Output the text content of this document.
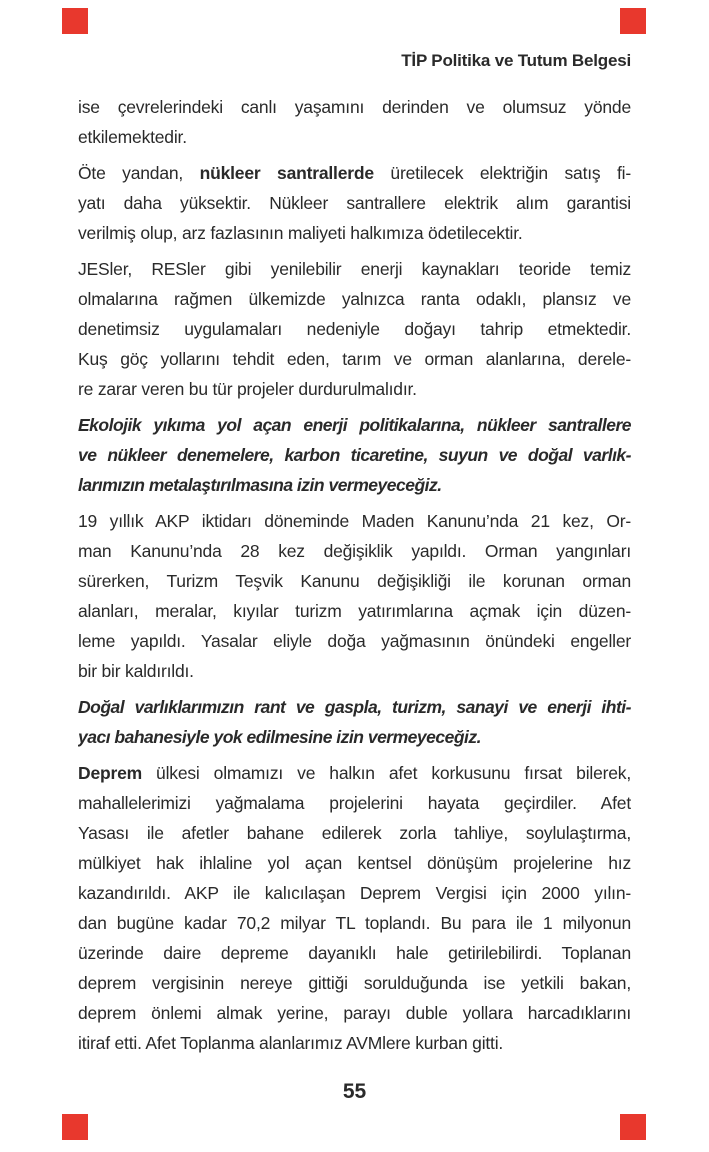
TİP Politika ve Tutum Belgesi
ise çevrelerindeki canlı yaşamını derinden ve olumsuz yönde
etkilemektedir.
Öte yandan, nükleer santrallerde üretilecek elektriğin satış fi-
yatı daha yüksektir. Nükleer santrallere elektrik alım garantisi
verilmiş olup, arz fazlasının maliyeti halkımıza ödetilecektir.
JESler, RESler gibi yenilebilir enerji kaynakları teoride temiz
olmalarına rağmen ülkemizde yalnızca ranta odaklı, plansız ve
denetimsiz uygulamaları nedeniyle doğayı tahrip etmektedir.
Kuş göç yollarını tehdit eden, tarım ve orman alanlarına, derele-
re zarar veren bu tür projeler durdurulmalıdır.
Ekolojik yıkıma yol açan enerji politikalarına, nükleer santrallere
ve nükleer denemelere, karbon ticaretine, suyun ve doğal varlık-
larımızın metalaştırılmasına izin vermeyeceğiz.
19 yıllık AKP iktidarı döneminde Maden Kanunu’nda 21 kez, Or-
man Kanunu’nda 28 kez değişiklik yapıldı. Orman yangınları
sürerken, Turizm Teşvik Kanunu değişikliği ile korunan orman
alanları, meralar, kıyılar turizm yatırımlarına açmak için düzen-
leme yapıldı. Yasalar eliyle doğa yağmasının önündeki engeller
bir bir kaldırıldı.
Doğal varlıklarımızın rant ve gaspla, turizm, sanayi ve enerji ihti-
yacı bahanesiyle yok edilmesine izin vermeyeceğiz.
Deprem ülkesi olmamızı ve halkın afet korkusunu fırsat bilerek,
mahallelerimizi yağmalama projelerini hayata geçirdiler. Afet
Yasası ile afetler bahane edilerek zorla tahliye, soylulaştırma,
mülkiyet hak ihlaline yol açan kentsel dönüşüm projelerine hız
kazandırıldı. AKP ile kalıcılaşan Deprem Vergisi için 2000 yılın-
dan bugüne kadar 70,2 milyar TL toplandı. Bu para ile 1 milyonun
üzerinde daire depreme dayanıklı hale getirilebilirdi. Toplanan
deprem vergisinin nereye gittiği sorulduğunda ise yetkili bakan,
deprem önlemi almak yerine, parayı duble yollara harcadıklarını
itiraf etti. Afet Toplanma alanlarımız AVMlere kurban gitti.
55
